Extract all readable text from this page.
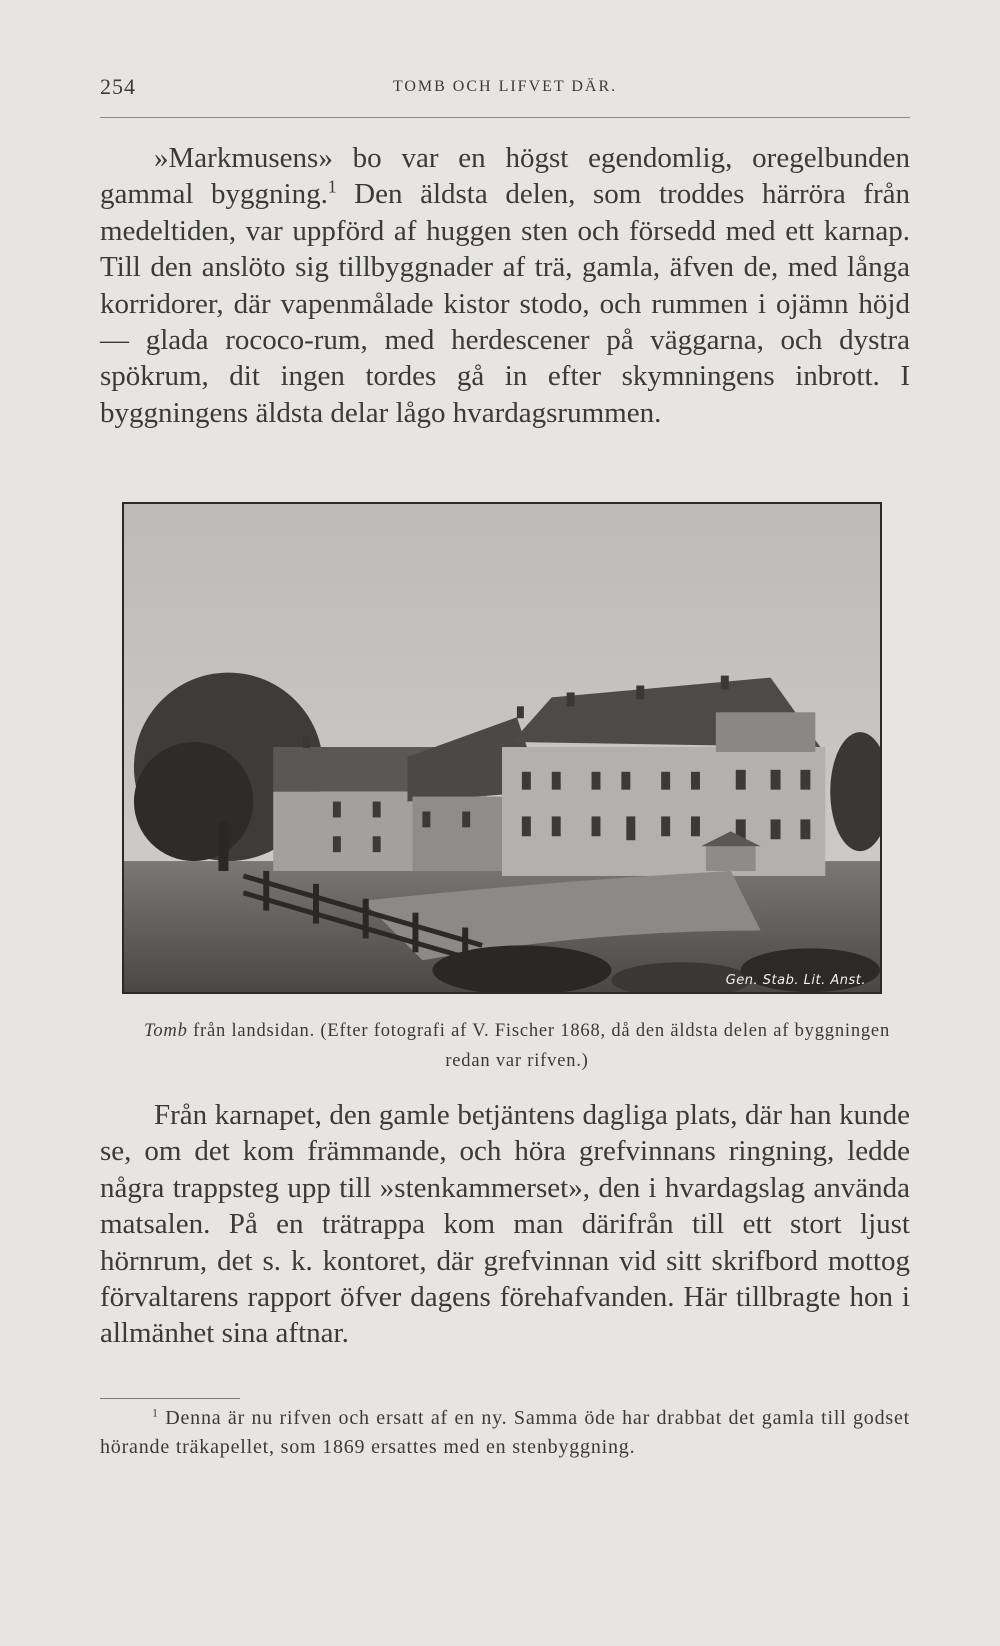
254	TOMB OCH LIFVET DÄR.

»Markmusens» bo var en högst egendomlig, oregelbunden gammal byggning.$^1$ Den äldsta delen, som troddes härröra från medeltiden, var uppförd af huggen sten och försedd med ett karnap. Till den anslöto sig tillbyggnader af trä, gamla, äfven de, med långa korridorer, där vapenmålade kistor stodo, och rummen i ojämn höjd — glada rococo-rum, med herdescener på väggarna, och dystra spökrum, dit ingen tordes gå in efter skymningens inbrott. I byggningens äldsta delar lågo hvardagsrummen.

Gen. Stab. Lit. Anst.
Tomb från landsidan. (Efter fotografi af V. Fischer 1868, då den äldsta delen af byggningen redan var rifven.)

Från karnapet, den gamle betjäntens dagliga plats, där han kunde se, om det kom främmande, och höra grefvinnans ringning, ledde några trappsteg upp till »stenkammerset», den i hvardagslag använda matsalen. På en trätrappa kom man därifrån till ett stort ljust hörnrum, det s. k. kontoret, där grefvinnan vid sitt skrifbord mottog förvaltarens rapport öfver dagens förehafvanden. Här tillbragte hon i allmänhet sina aftnar.

$^1$ Denna är nu rifven och ersatt af en ny. Samma öde har drabbat det gamla till godset hörande träkapellet, som 1869 ersattes med en stenbyggning.
